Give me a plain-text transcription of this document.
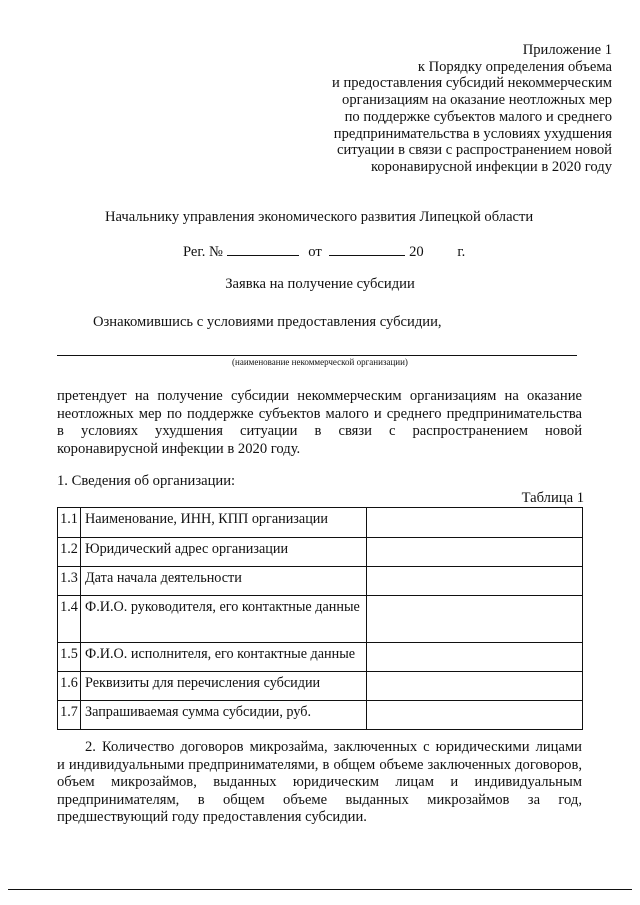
Приложение 1
к Порядку определения объема
и предоставления субсидий некоммерческим
организациям на оказание неотложных мер
по поддержке субъектов малого и среднего
предпринимательства в условиях ухудшения
ситуации в связи с распространением новой
коронавирусной инфекции в 2020 году
Начальнику управления экономического развития Липецкой области
Рег. №	от	20 г.
Заявка на получение субсидии
Ознакомившись с условиями предоставления субсидии,
(наименование некоммерческой организации)
претендует на получение субсидии некоммерческим организациям на оказание
неотложных мер по поддержке субъектов малого и среднего предпринимательства
в условиях ухудшения ситуации в связи с распространением новой
коронавирусной инфекции в 2020 году.
1. Сведения об организации:
Таблица 1
1.1	Наименование, ИНН, КПП организации	
1.2	Юридический адрес организации	
1.3	Дата начала деятельности	
1.4	Ф.И.О. руководителя, его контактные данные	
1.5	Ф.И.О. исполнителя, его контактные данные	
1.6	Реквизиты для перечисления субсидии	
1.7	Запрашиваемая сумма субсидии, руб.	
2. Количество договоров микрозайма, заключенных с юридическими лицами
и индивидуальными предпринимателями, в общем объеме заключенных договоров,
объем микрозаймов, выданных юридическим лицам и индивидуальным
предпринимателям, в общем объеме выданных микрозаймов за год,
предшествующий году предоставления субсидии.
